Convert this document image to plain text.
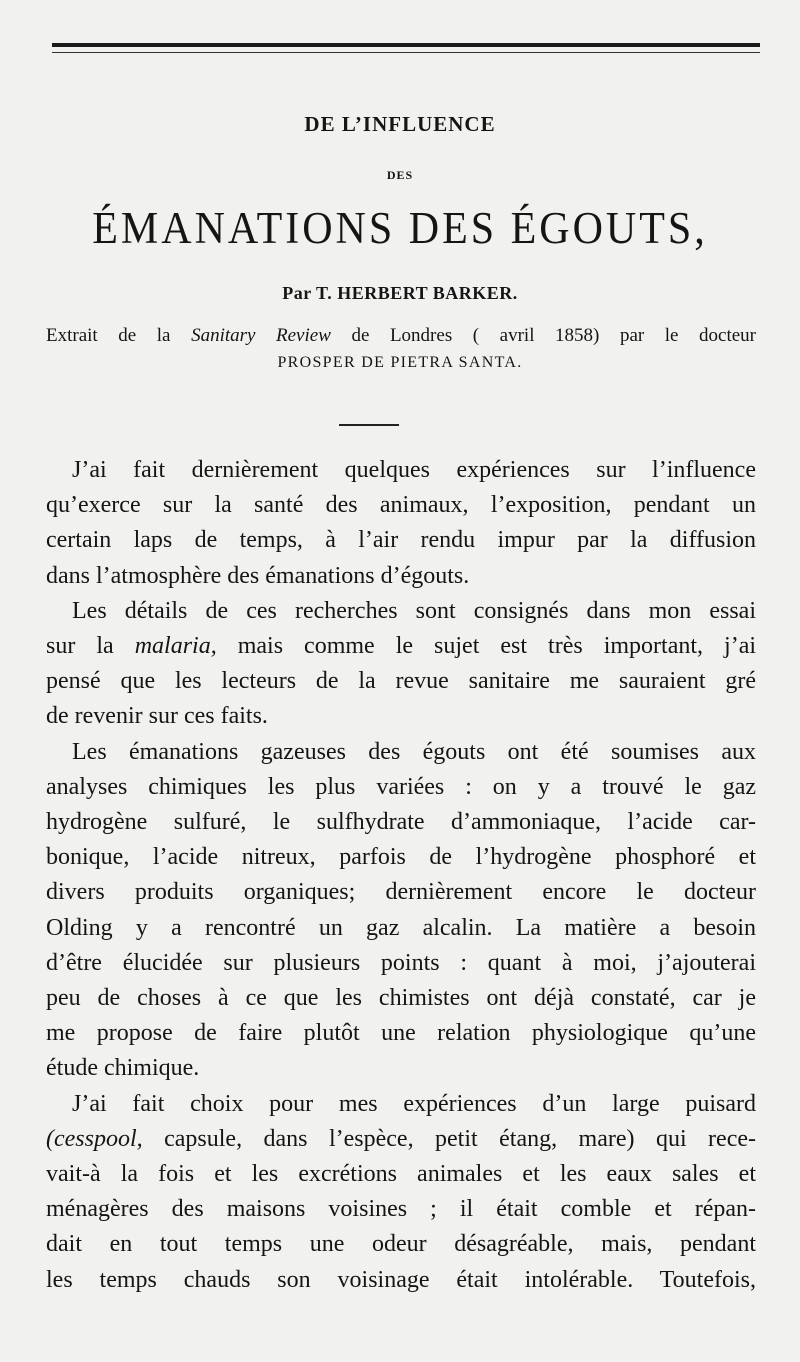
DE L’INFLUENCE
DES
ÉMANATIONS DES ÉGOUTS,
Par T. HERBERT BARKER.
Extrait de la Sanitary Review de Londres ( avril 1858) par le docteur
PROSPER DE PIETRA SANTA.
J’ai fait dernièrement quelques expériences sur l’influence
qu’exerce sur la santé des animaux, l’exposition, pendant un
certain laps de temps, à l’air rendu impur par la diffusion
dans l’atmosphère des émanations d’égouts.
Les détails de ces recherches sont consignés dans mon essai
sur la malaria, mais comme le sujet est très important, j’ai
pensé que les lecteurs de la revue sanitaire me sauraient gré
de revenir sur ces faits.
Les émanations gazeuses des égouts ont été soumises aux
analyses chimiques les plus variées : on y a trouvé le gaz
hydrogène sulfuré, le sulfhydrate d’ammoniaque, l’acide car-
bonique, l’acide nitreux, parfois de l’hydrogène phosphoré et
divers produits organiques; dernièrement encore le docteur
Olding y a rencontré un gaz alcalin. La matière a besoin
d’être élucidée sur plusieurs points : quant à moi, j’ajouterai
peu de choses à ce que les chimistes ont déjà constaté, car je
me propose de faire plutôt une relation physiologique qu’une
étude chimique.
J’ai fait choix pour mes expériences d’un large puisard
(cesspool, capsule, dans l’espèce, petit étang, mare) qui rece-
vait-à la fois et les excrétions animales et les eaux sales et
ménagères des maisons voisines ; il était comble et répan-
dait en tout temps une odeur désagréable, mais, pendant
les temps chauds son voisinage était intolérable. Toutefois,
